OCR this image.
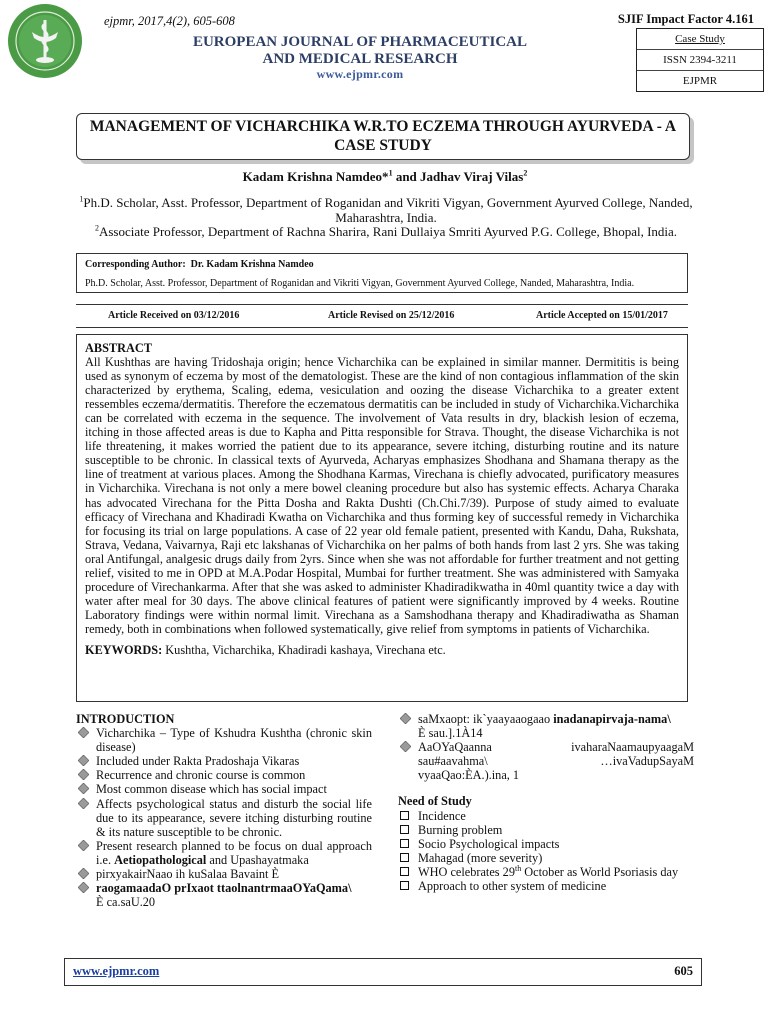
ejpmr, 2017,4(2), 605-608	SJIF Impact Factor 4.161
EUROPEAN JOURNAL OF PHARMACEUTICAL
AND MEDICAL RESEARCH
www.ejpmr.com
Case Study
ISSN 2394-3211
EJPMR
MANAGEMENT OF VICHARCHIKA W.R.TO ECZEMA THROUGH AYURVEDA - A
CASE STUDY
Kadam Krishna Namdeo*$^1$ and Jadhav Viraj Vilas$^2$
$^1$Ph.D. Scholar, Asst. Professor, Department of Roganidan and Vikriti Vigyan, Government Ayurved College, Nanded,
Maharashtra, India.
$^2$Associate Professor, Department of Rachna Sharira, Rani Dullaiya Smriti Ayurved P.G. College, Bhopal, India.
Corresponding Author: Dr. Kadam Krishna Namdeo
Ph.D. Scholar, Asst. Professor, Department of Roganidan and Vikriti Vigyan, Government Ayurved College, Nanded, Maharashtra, India.
Article Received on 03/12/2016	Article Revised on 25/12/2016	Article Accepted on 15/01/2017
ABSTRACT

All Kushthas are having Tridoshaja origin; hence Vicharchika can be explained in similar manner. Dermititis is being used as synonym of eczema by most of the dematologist. These are the kind of non contagious inflammation of the skin characterized by erythema, Scaling, edema, vesiculation and oozing the disease Vicharchika to a greater extent ressembles eczema/dermatitis. Therefore the eczematous dermatitis can be included in study of Vicharchika.Vicharchika can be correlated with eczema in the sequence. The involvement of Vata results in dry, blackish lesion of eczema, itching in those affected areas is due to Kapha and Pitta responsible for Strava. Thought, the disease Vicharchika is not life threatening, it makes worried the patient due to its appearance, severe itching, disturbing routine and its nature susceptible to be chronic. In classical texts of Ayurveda, Acharyas emphasizes Shodhana and Shamana therapy as the line of treatment at various places. Among the Shodhana Karmas, Virechana is chiefly advocated, purificatory measures in Vicharchika. Virechana is not only a mere bowel cleaning procedure but also has systemic effects. Acharya Charaka has advocated Virechana for the Pitta Dosha and Rakta Dushti (Ch.Chi.7/39). Purpose of study aimed to evaluate efficacy of Virechana and Khadiradi Kwatha on Vicharchika and thus forming key of successful remedy in Vicharchika for focusing its trial on large populations. A case of 22 year old female patient, presented with Kandu, Daha, Rukshata, Strava, Vedana, Vaivarnya, Raji etc lakshanas of Vicharchika on her palms of both hands from last 2 yrs. She was taking oral Antifungal, analgesic drugs daily from 2yrs. Since when she was not affordable for further treatment and not getting relief, visited to me in OPD at M.A.Podar Hospital, Mumbai for further treatment. She was administered with Samyaka procedure of Virechankarma. After that she was asked to administer Khadiradikwatha in 40ml quantity twice a day with water after meal for 30 days. The above clinical features of patient were significantly improved by 4 weeks. Routine Laboratory findings were within normal limit. Virechana as a Samshodhana therapy and Khadiradiwatha as Shaman remedy, both in combinations when followed systematically, give relief from symptoms in patients of Vicharchika.

KEYWORDS: Kushtha, Vicharchika, Khadiradi kashaya, Virechana etc.
INTRODUCTION
Vicharchika – Type of Kshudra Kushtha (chronic skin disease)
Included under Rakta Pradoshaja Vikaras
Recurrence and chronic course is common
Most common disease which has social impact
Affects psychological status and disturb the social life due to its appearance, severe itching disturbing routine & its nature susceptible to be chronic.
Present research planned to be focus on dual approach i.e. Aetiopathological and Upashayatmaka
pirxyakairNaao ih kuSalaa Bavaint È
raogamaadaO prIxaot ttaolnantrmaaOYaQama\
È ca.saU.20
saMxaopt: ik`yaayaaogaao inadanapirvaja-nama\
È sau.].1À14
AaOYaQaanna	ivaharaNaamaupyaagaM
sau#aavahma\	…ivaVadupSayaM
vyaaQao:ÈA.).ina, 1
Need of Study
Incidence
Burning problem
Socio Psychological impacts
Mahagad (more severity)
WHO celebrates 29th October as World Psoriasis day
Approach to other system of medicine
www.ejpmr.com	605
